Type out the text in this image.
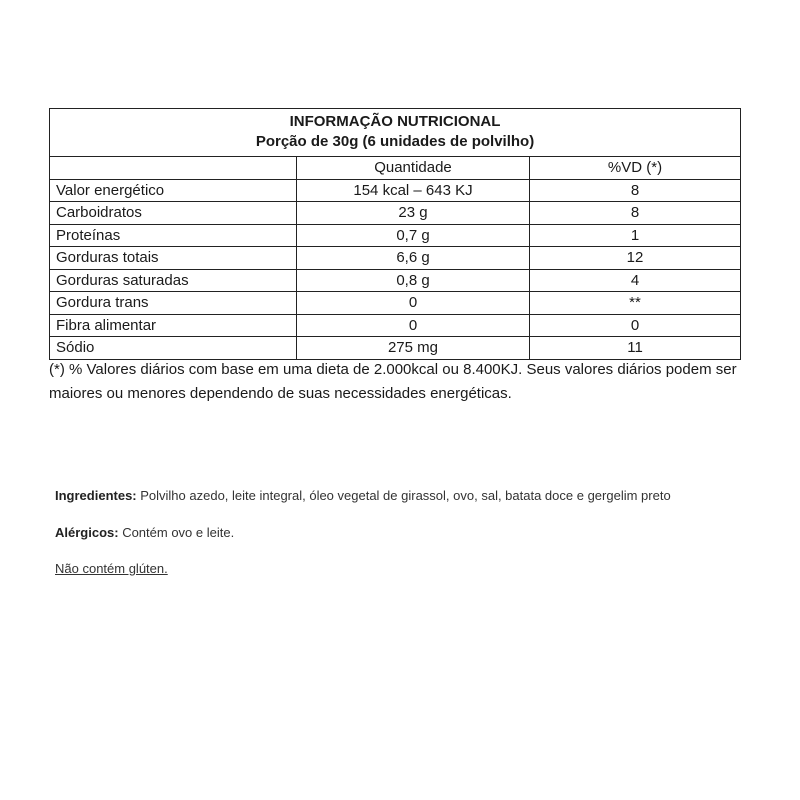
INFORMAÇÃO NUTRICIONAL
Porção de 30g (6 unidades de polvilho)		

	Quantidade	%VD (*)
Valor energético	154 kcal – 643 KJ	8
Carboidratos	23 g	8
Proteínas	0,7 g	1
Gorduras totais	6,6 g	12
Gorduras saturadas	0,8 g	4
Gordura trans	0	**
Fibra alimentar	0	0
Sódio	275 mg	11

(*) % Valores diários com base em uma dieta de 2.000kcal ou 8.400KJ. Seus valores diários podem ser maiores ou menores dependendo de suas necessidades energéticas.

Ingredientes: Polvilho azedo, leite integral, óleo vegetal de girassol, ovo, sal, batata doce e gergelim preto

Alérgicos: Contém ovo e leite.

Não contém glúten.
